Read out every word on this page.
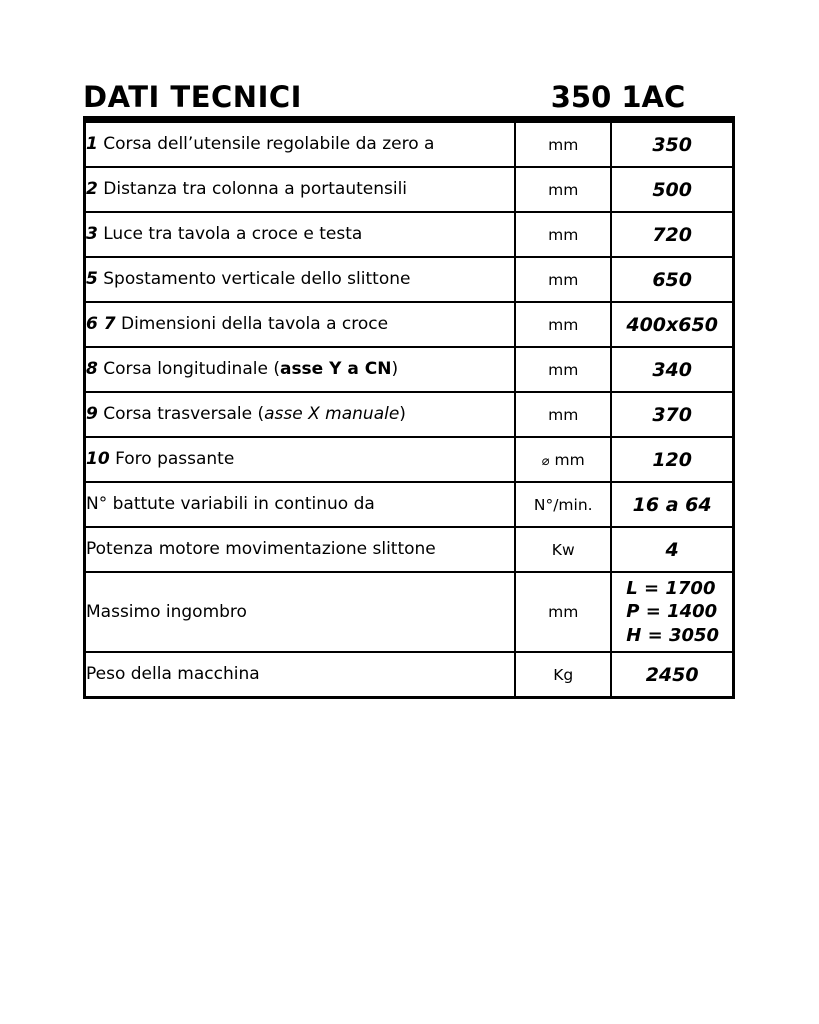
DATI TECNICI	350 1AC
1 Corsa dell’utensile regolabile da zero a	mm	350
2 Distanza tra colonna a portautensili	mm	500
3 Luce tra tavola a croce e testa	mm	720
5 Spostamento verticale dello slittone	mm	650
6 7 Dimensioni della tavola a croce	mm	400x650
8 Corsa longitudinale (asse Y a CN)	mm	340
9 Corsa trasversale (asse X manuale)	mm	370
10 Foro passante	⌀ mm	120
N° battute variabili in continuo da	N°/min.	16 a 64
Potenza motore movimentazione slittone	Kw	4
Massimo ingombro	mm	L = 1700
P = 1400
H = 3050

Peso della macchina	Kg	2450
